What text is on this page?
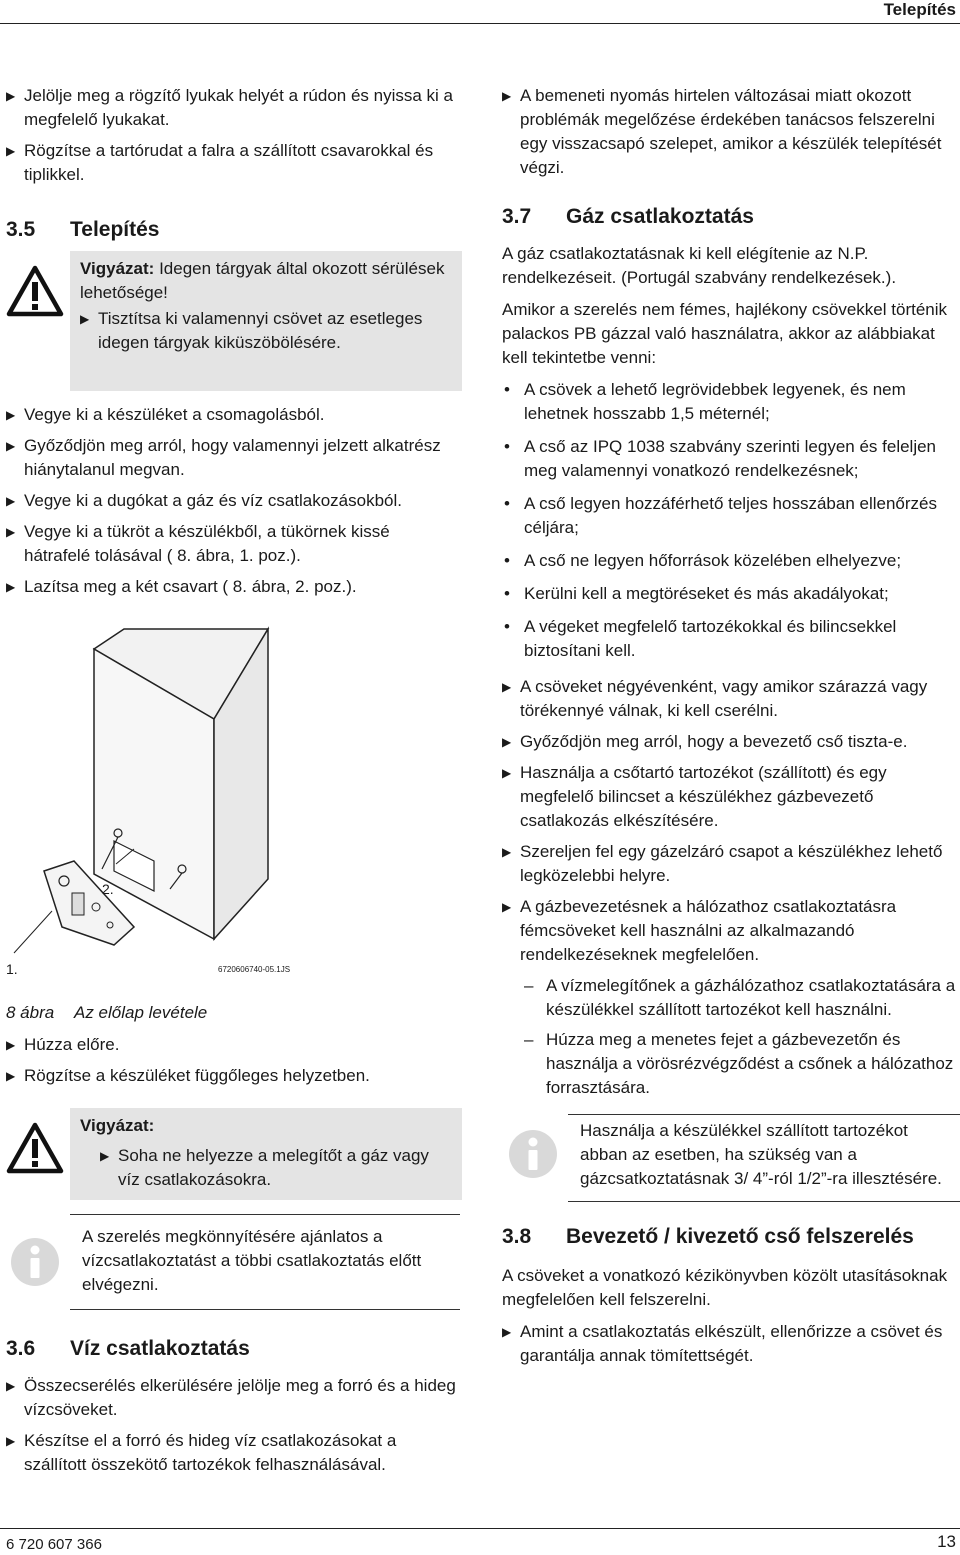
Telepítés
▶ Jelölje meg a rögzítő lyukak helyét a rúdon és nyissa ki a megfelelő lyukakat.
▶ Rögzítse a tartórudat a falra a szállított csavarokkal és tiplikkel.
3.5	Telepítés
Vigyázat: Idegen tárgyak által okozott sérülések lehetősége!
▶ Tisztítsa ki valamennyi csövet az esetleges idegen tárgyak kiküszöbölésére.
▶ Vegye ki a készüléket a csomagolásból.
▶ Győződjön meg arról, hogy valamennyi jelzett alkatrész hiánytalanul megvan.
▶ Vegye ki a dugókat a gáz és víz csatlakozásokból.
▶ Vegye ki a tükröt a készülékből, a tükörnek kissé hátrafelé tolásával ( 8. ábra, 1. poz.).
▶ Lazítsa meg a két csavart ( 8. ábra, 2. poz.).
1.
2.
6720606740-05.1JS
8 ábra Az előlap levétele
▶ Húzza előre.
▶ Rögzítse a készüléket függőleges helyzetben.
Vigyázat:
▶ Soha ne helyezze a melegítőt a gáz vagy víz csatlakozásokra.
A szerelés megkönnyítésére ajánlatos a vízcsatlakoztatást a többi csatlakoztatás előtt elvégezni.
3.6	Víz csatlakoztatás
▶ Összecserélés elkerülésére jelölje meg a forró és a hideg vízcsöveket.
▶ Készítse el a forró és hideg víz csatlakozásokat a szállított összekötő tartozékok felhasználásával.
▶ A bemeneti nyomás hirtelen változásai miatt okozott problémák megelőzése érdekében tanácsos felszerelni egy visszacsapó szelepet, amikor a készülék telepítését végzi.
3.7	Gáz csatlakoztatás

A gáz csatlakoztatásnak ki kell elégítenie az N.P. rendelkezéseit. (Portugál szabvány rendelkezések.).

Amikor a szerelés nem fémes, hajlékony csövekkel történik palackos PB gázzal való használatra, akkor az alábbiakat kell tekintetbe venni:

• A csövek a lehető legrövidebbek legyenek, és nem lehetnek hosszabb 1,5 méternél;
• A cső az IPQ 1038 szabvány szerinti legyen és feleljen meg valamennyi vonatkozó rendelkezésnek;
• A cső legyen hozzáférhető teljes hosszában ellenőrzés céljára;
• A cső ne legyen hőforrások közelében elhelyezve;
• Kerülni kell a megtöréseket és más akadályokat;
• A végeket megfelelő tartozékokkal és bilincsekkel biztosítani kell.
▶ A csöveket négyévenként, vagy amikor szárazzá vagy törékennyé válnak, ki kell cserélni.
▶ Győződjön meg arról, hogy a bevezető cső tiszta-e.
▶ Használja a csőtartó tartozékot (szállított) és egy megfelelő bilincset a készülékhez gázbevezető csatlakozás elkészítésére.
▶ Szereljen fel egy gázelzáró csapot a készülékhez lehető legközelebbi helyre.
▶ A gázbevezetésnek a hálózathoz csatlakoztatásra fémcsöveket kell használni az alkalmazandó rendelkezéseknek megfelelően.
– A vízmelegítőnek a gázhálózathoz csatlakoztatására a készülékkel szállított tartozékot kell használni.
– Húzza meg a menetes fejet a gázbevezetőn és használja a vörösrézvégződést a csőnek a hálózathoz forrasztására.
Használja a készülékkel szállított tartozékot abban az esetben, ha szükség van a gázcsatkoztatásnak 3/ 4”-ról 1/2”-ra illesztésére.
3.8	Bevezető / kivezető cső felszerelés

A csöveket a vonatkozó kézikönyvben közölt utasításoknak megfelelően kell felszerelni.

▶ Amint a csatlakoztatás elkészült, ellenőrizze a csövet és garantálja annak tömítettségét.
6 720 607 366	13
